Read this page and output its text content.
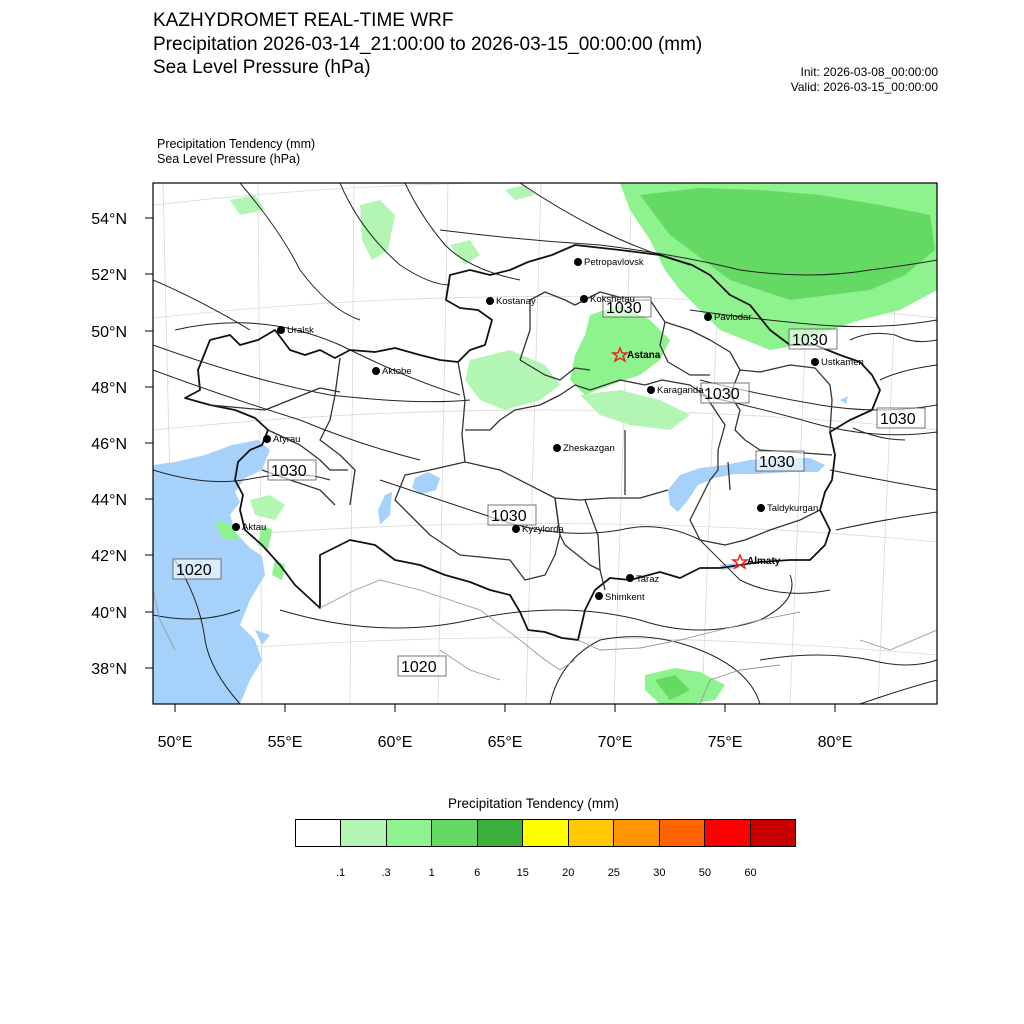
KAZHYDROMET REAL-TIME WRF
Precipitation 2026-03-14_21:00:00 to 2026-03-15_00:00:00 (mm)
Sea Level Pressure (hPa)	Init: 2026-03-08_00:00:00
Valid: 2026-03-15_00:00:00
Precipitation Tendency (mm)
Sea Level Pressure (hPa)
54°N
52°N
50°N
48°N
46°N
44°N
42°N
40°N
38°N
50°E	55°E	60°E	65°E	70°E	75°E	80°E
1030
1030
1030
1030
1030
1030
1030
1020
1020
Petropavlovsk
Kostanay	Kokshetau
Pavlodar
Uralsk
Astana
Ustkamen
Aktobe
Karaganda
Atyrau
Zheskazgan
Taldykurgan
Aktau	Kyzylorda
Almaty
Taraz
Shimkent
Precipitation Tendency (mm)
.1	.3	1	6	15	20	25	30	50	60
